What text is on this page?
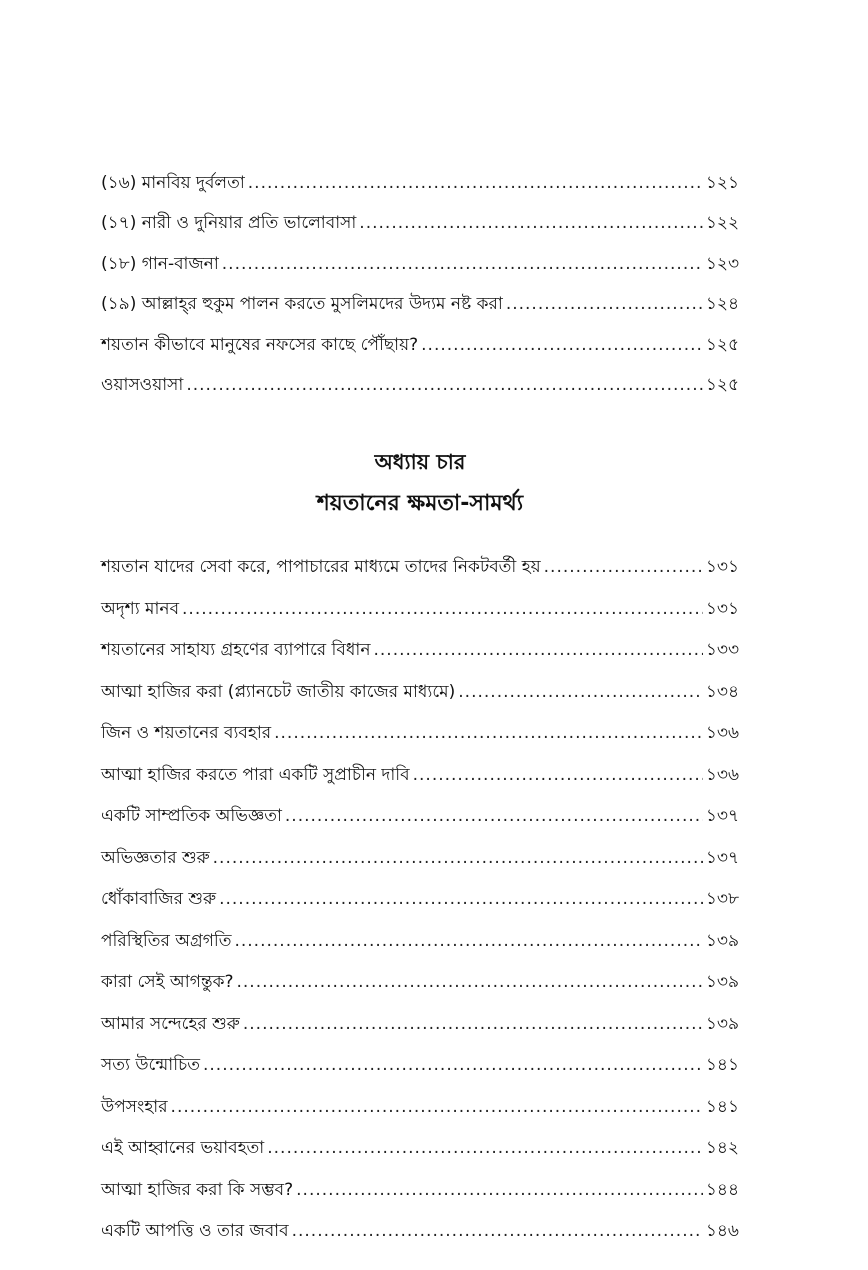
(১৬) মানবিয় দুর্বলতা .....	১২১
(১৭) নারী ও দুনিয়ার প্রতি ভালোবাসা .....	১২২
(১৮) গান-বাজনা .....	১২৩
(১৯) আল্লাহ্‌র হুকুম পালন করতে মুসলিমদের উদ্যম নষ্ট করা .....	১২৪
শয়তান কীভাবে মানুষের নফসের কাছে পৌঁছায়? .....	১২৫
ওয়াসওয়াসা .....	১২৫
অধ্যায় চার
শয়তানের ক্ষমতা-সামর্থ্য
শয়তান যাদের সেবা করে, পাপাচারের মাধ্যমে তাদের নিকটবর্তী হয় .....	১৩১
অদৃশ্য মানব .....	১৩১
শয়তানের সাহায্য গ্রহণের ব্যাপারে বিধান .....	১৩৩
আত্মা হাজির করা (প্ল্যানচেট জাতীয় কাজের মাধ্যমে) .....	১৩৪
জিন ও শয়তানের ব্যবহার .....	১৩৬
আত্মা হাজির করতে পারা একটি সুপ্রাচীন দাবি .....	১৩৬
একটি সাম্প্রতিক অভিজ্ঞতা .....	১৩৭
অভিজ্ঞতার শুরু .....	১৩৭
ধোঁকাবাজির শুরু .....	১৩৮
পরিস্থিতির অগ্রগতি .....	১৩৯
কারা সেই আগন্তুক? .....	১৩৯
আমার সন্দেহের শুরু .....	১৩৯
সত্য উন্মোচিত .....	১৪১
উপসংহার .....	১৪১
এই আহ্বানের ভয়াবহতা .....	১৪২
আত্মা হাজির করা কি সম্ভব? .....	১৪৪
একটি আপত্তি ও তার জবাব .....	১৪৬
